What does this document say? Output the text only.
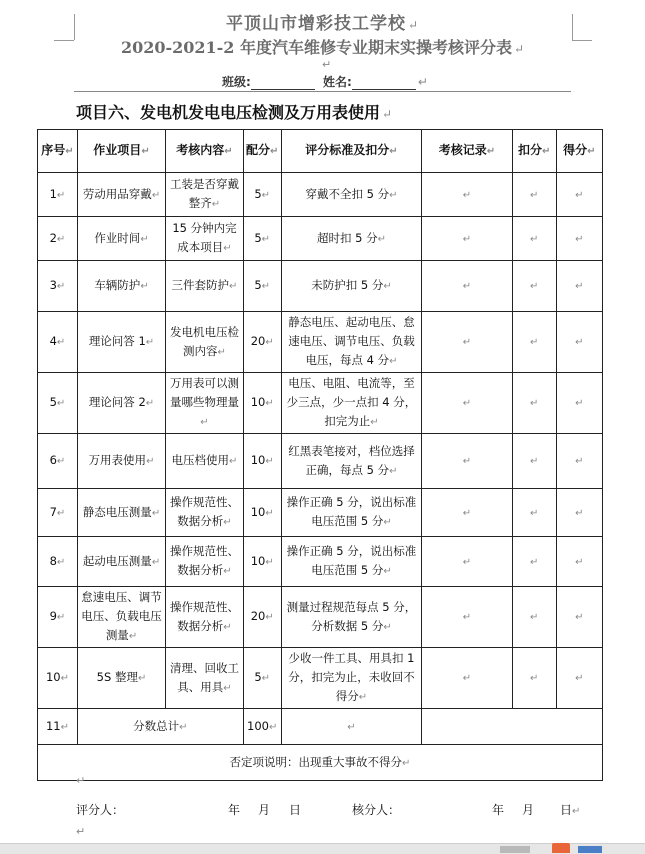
平顶山市增彩技工学校 ↵
2020-2021-2 年度汽车维修专业期末实操考核评分表 ↵
↵
班级:	姓名:	↵
项目六、发电机发电电压检测及万用表使用 ↵
序号↵	作业项目↵	考核内容↵	配分↵	评分标准及扣分↵	考核记录↵	扣分↵	得分↵
1↵	劳动用品穿戴↵	工装是否穿戴整齐↵	5↵	穿戴不全扣 5 分↵	↵	↵	↵
2↵	作业时间↵	15 分钟内完成本项目↵	5↵	超时扣 5 分↵	↵	↵	↵
3↵	车辆防护↵	三件套防护↵	5↵	未防护扣 5 分↵	↵	↵	↵
4↵	理论问答 1↵	发电机电压检测内容↵	20↵	静态电压、起动电压、怠速电压、调节电压、负载电压，每点 4 分↵	↵	↵	↵
5↵	理论问答 2↵	万用表可以测量哪些物理量↵	10↵	电压、电阻、电流等，至少三点，少一点扣 4 分，扣完为止↵	↵	↵	↵
6↵	万用表使用↵	电压档使用↵	10↵	红黑表笔接对，档位选择正确，每点 5 分↵	↵	↵	↵
7↵	静态电压测量↵	操作规范性、数据分析↵	10↵	操作正确 5 分，说出标准电压范围 5 分↵	↵	↵	↵
8↵	起动电压测量↵	操作规范性、数据分析↵	10↵	操作正确 5 分，说出标准电压范围 5 分↵	↵	↵	↵
9↵	怠速电压、调节电压、负载电压测量↵	操作规范性、数据分析↵	20↵	测量过程规范每点 5 分，分析数据 5 分↵	↵	↵	↵
10↵	5S 整理↵	清理、回收工具、用具↵	5↵	少收一件工具、用具扣 1 分，扣完为止，未收回不得分↵	↵	↵	↵
11↵	分数总计↵		100↵	↵			
否定项说明：出现重大事故不得分↵							
↵
评分人：	年 月 日	核分人：	年 月 日↵
↵
